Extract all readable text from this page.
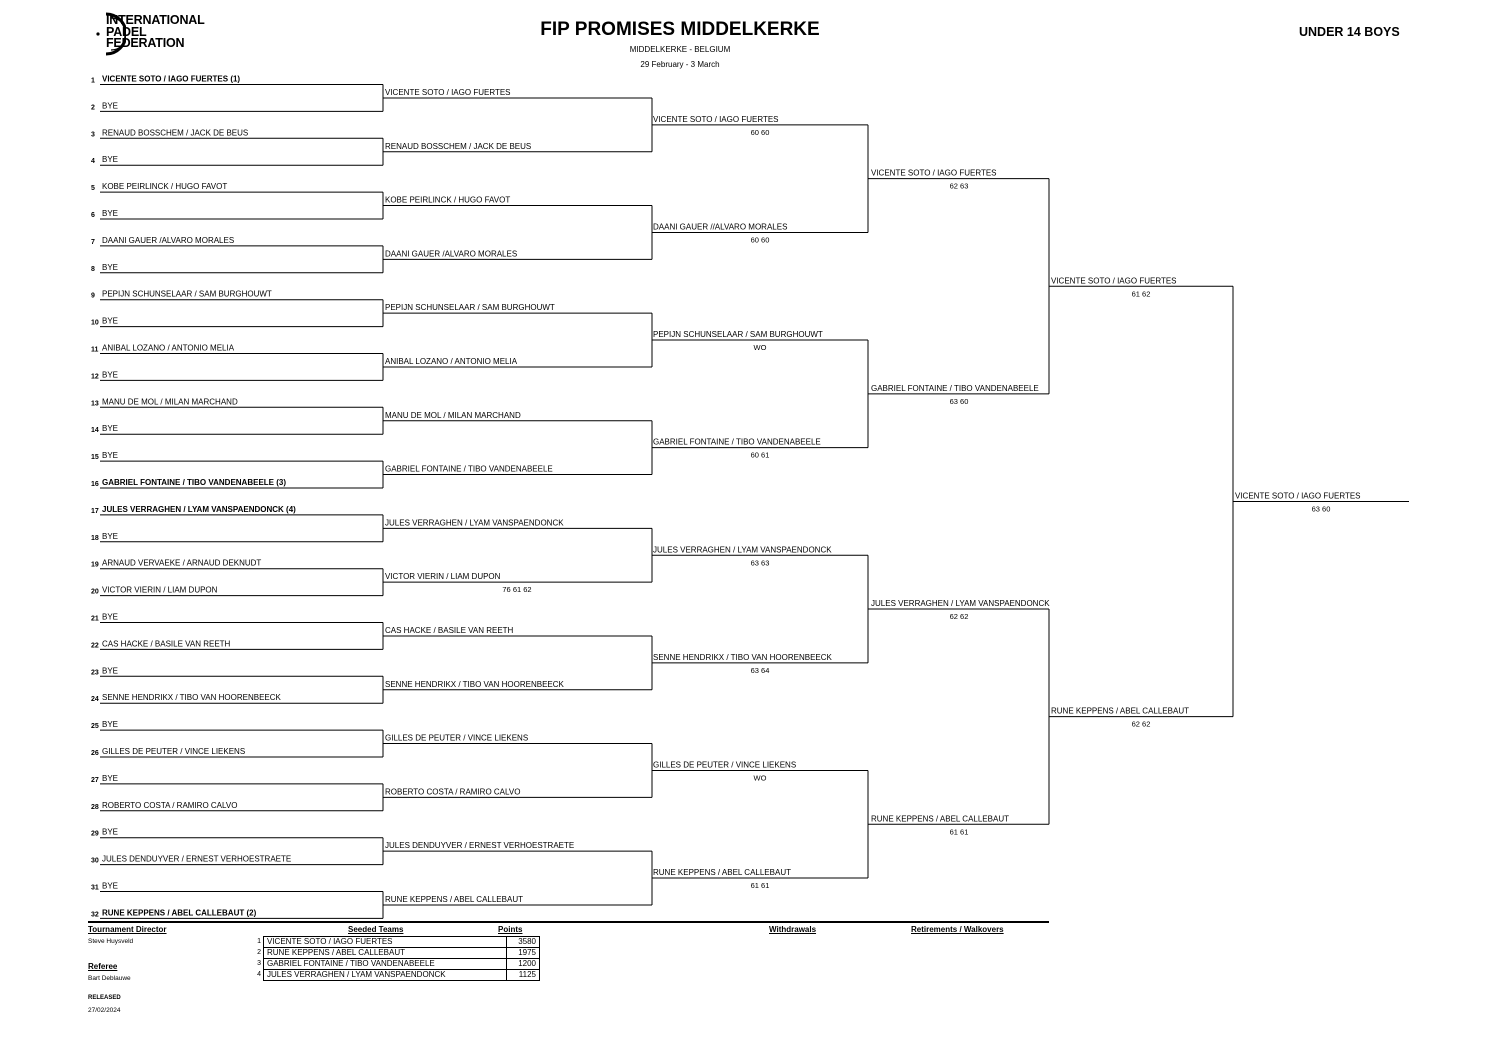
INTERNATIONAL
PADEL
FEDERATION
FIP PROMISES MIDDELKERKE
MIDDELKERKE - BELGIUM
29 February - 3 March
UNDER 14 BOYS
1 VICENTE SOTO / IAGO FUERTES (1)
2 BYE
3 RENAUD BOSSCHEM / JACK DE BEUS
4 BYE
5 KOBE PEIRLINCK / HUGO FAVOT
6 BYE
7 DAANI GAUER /ALVARO MORALES
8 BYE
9 PEPIJN SCHUNSELAAR / SAM BURGHOUWT
10 BYE
11 ANIBAL LOZANO / ANTONIO MELIA
12 BYE
13 MANU DE MOL / MILAN MARCHAND
14 BYE
15 BYE
16 GABRIEL FONTAINE / TIBO VANDENABEELE (3)
17 JULES VERRAGHEN / LYAM VANSPAENDONCK (4)
18 BYE
19 ARNAUD VERVAEKE / ARNAUD DEKNUDT
20 VICTOR VIERIN / LIAM DUPON
21 BYE
22 CAS HACKE / BASILE VAN REETH
23 BYE
24 SENNE HENDRIKX / TIBO VAN HOORENBEECK
25 BYE
26 GILLES DE PEUTER / VINCE LIEKENS
27 BYE
28 ROBERTO COSTA / RAMIRO CALVO
29 BYE
30 JULES DENDUYVER / ERNEST VERHOESTRAETE
31 BYE
32 RUNE KEPPENS / ABEL CALLEBAUT (2)
VICENTE SOTO / IAGO FUERTES
RENAUD BOSSCHEM / JACK DE BEUS
KOBE PEIRLINCK / HUGO FAVOT
DAANI GAUER /ALVARO MORALES
PEPIJN SCHUNSELAAR / SAM BURGHOUWT
ANIBAL LOZANO / ANTONIO MELIA
MANU DE MOL / MILAN MARCHAND
GABRIEL FONTAINE / TIBO VANDENABEELE
JULES VERRAGHEN / LYAM VANSPAENDONCK
VICTOR VIERIN / LIAM DUPON
76 61 62
CAS HACKE / BASILE VAN REETH
SENNE HENDRIKX / TIBO VAN HOORENBEECK
GILLES DE PEUTER / VINCE LIEKENS
ROBERTO COSTA / RAMIRO CALVO
JULES DENDUYVER / ERNEST VERHOESTRAETE
RUNE KEPPENS / ABEL CALLEBAUT
VICENTE SOTO / IAGO FUERTES
60 60
DAANI GAUER //ALVARO MORALES
60 60
PEPIJN SCHUNSELAAR / SAM BURGHOUWT
WO
GABRIEL FONTAINE / TIBO VANDENABEELE
60 61
JULES VERRAGHEN / LYAM VANSPAENDONCK
63 63
SENNE HENDRIKX / TIBO VAN HOORENBEECK
63 64
GILLES DE PEUTER / VINCE LIEKENS
WO
RUNE KEPPENS / ABEL CALLEBAUT
61 61
VICENTE SOTO / IAGO FUERTES
62 63
GABRIEL FONTAINE / TIBO VANDENABEELE
63 60
JULES VERRAGHEN / LYAM VANSPAENDONCK
62 62
RUNE KEPPENS / ABEL CALLEBAUT
61 61
VICENTE SOTO / IAGO FUERTES
61 62
RUNE KEPPENS / ABEL CALLEBAUT
62 62
VICENTE SOTO / IAGO FUERTES
63 60
Tournament Director
Steve Huysveld
Referee
Bart Deblauwe
RELEASED
27/02/2024
Seeded Teams	Points	Withdrawals	Retirements / Walkovers
1	VICENTE SOTO / IAGO FUERTES	3580
2	RUNE KEPPENS / ABEL CALLEBAUT	1975
3	GABRIEL FONTAINE / TIBO VANDENABEELE	1200
4	JULES VERRAGHEN / LYAM VANSPAENDONCK	1125
